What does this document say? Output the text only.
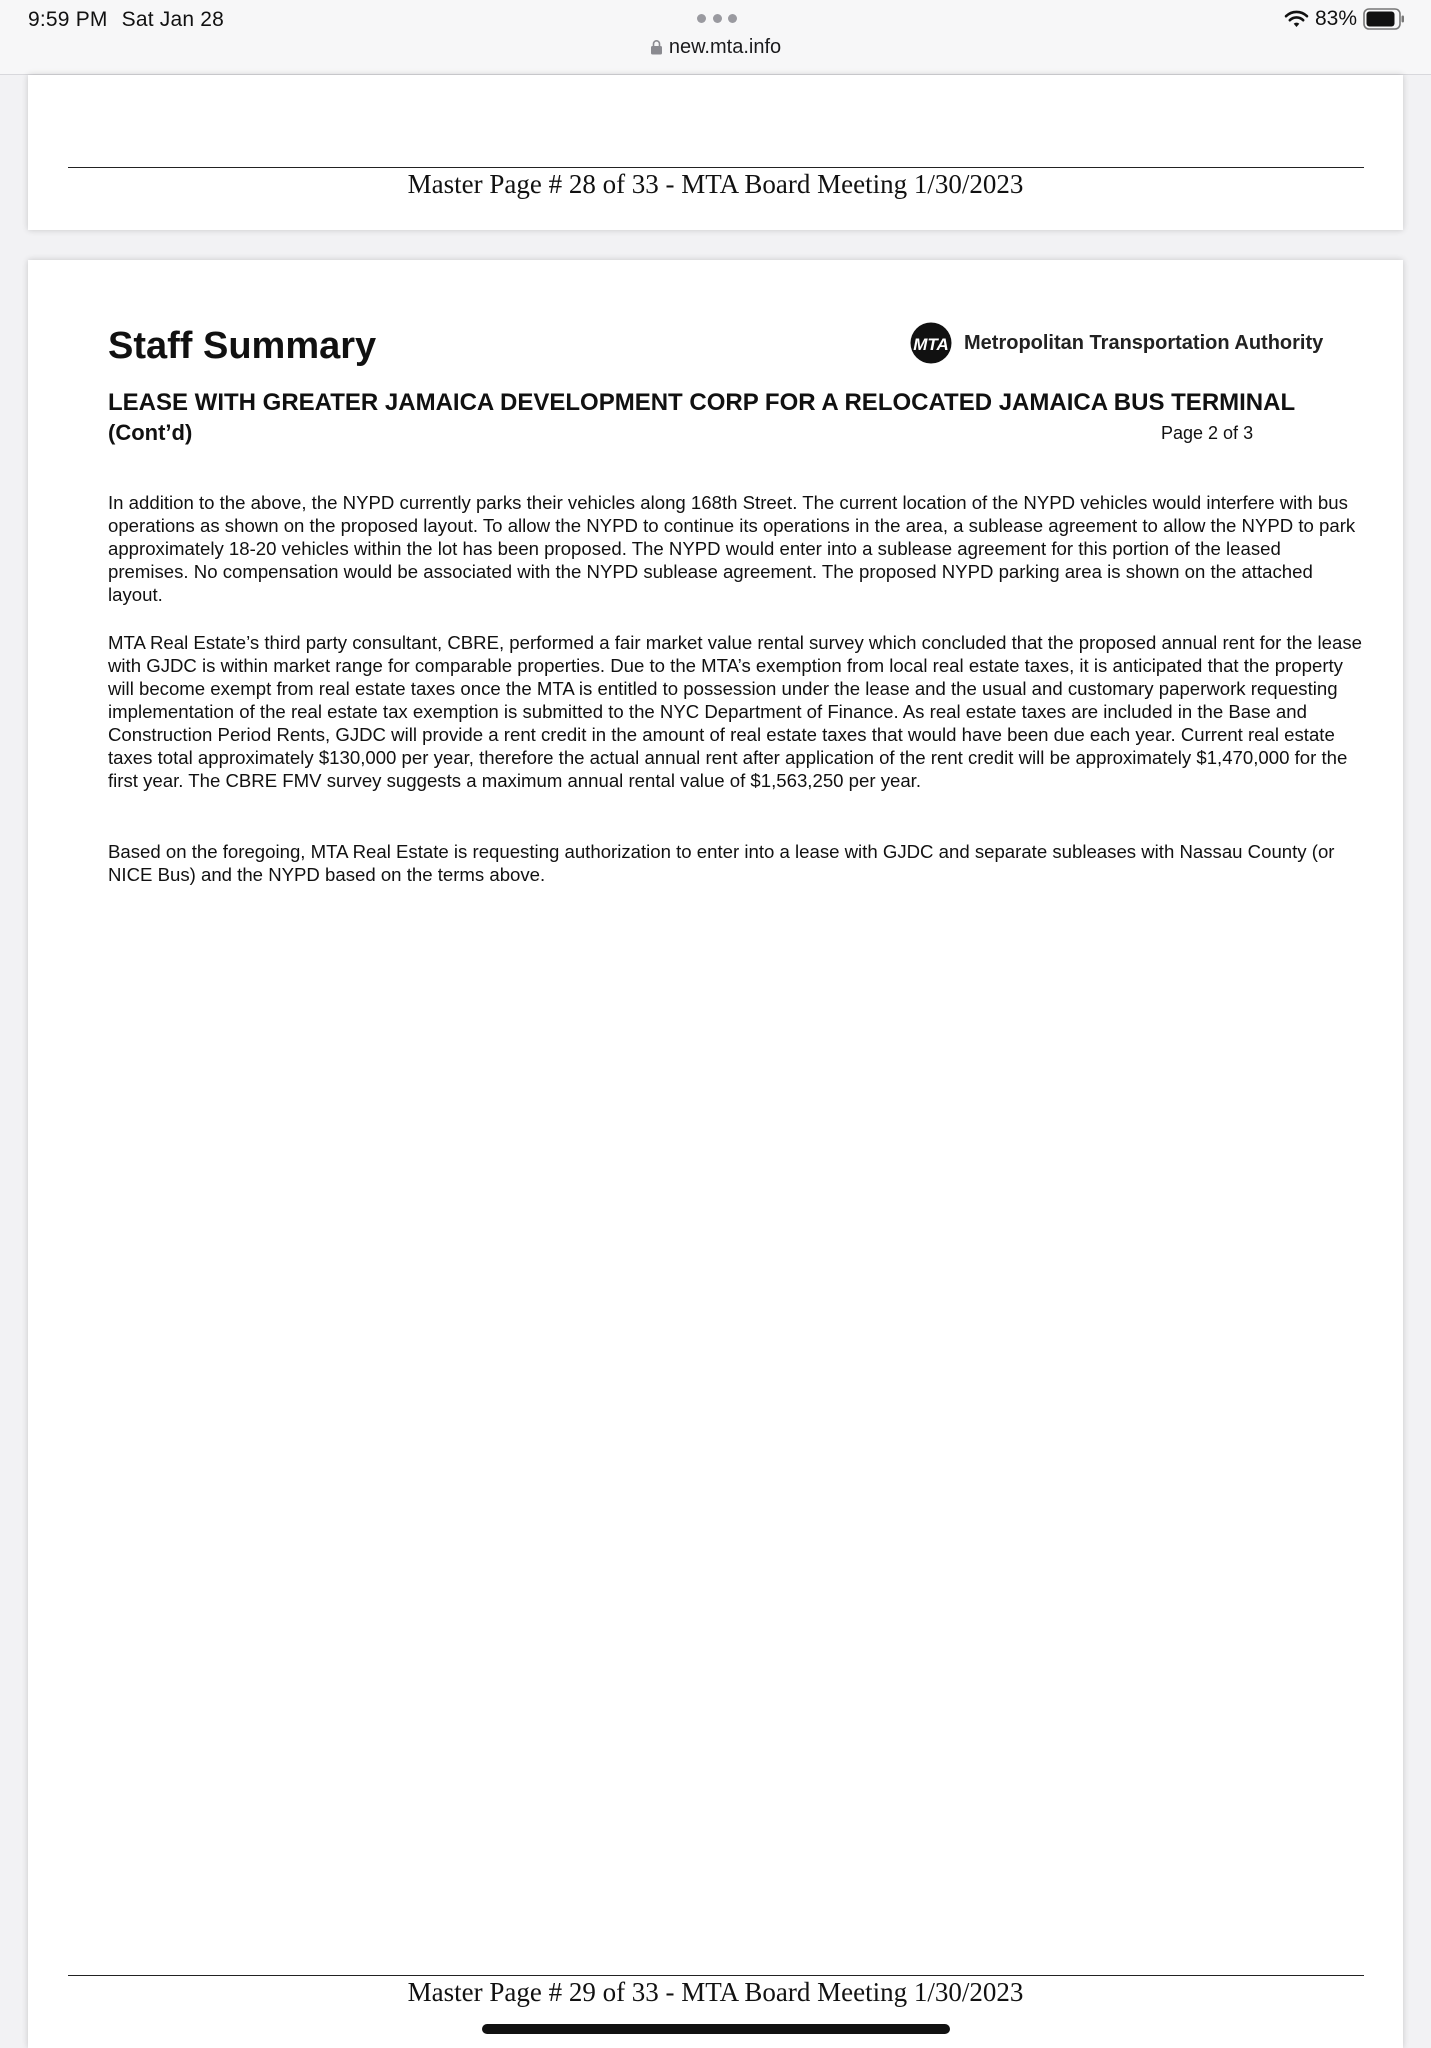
9:59 PM Sat Jan 28
new.mta.info
83%
Master Page # 28 of 33 - MTA Board Meeting 1/30/2023
Staff Summary	MTA Metropolitan Transportation Authority
LEASE WITH GREATER JAMAICA DEVELOPMENT CORP FOR A RELOCATED JAMAICA BUS TERMINAL (Cont’d)	Page 2 of 3

In addition to the above, the NYPD currently parks their vehicles along 168th Street. The current location of the NYPD vehicles would interfere with bus operations as shown on the proposed layout. To allow the NYPD to continue its operations in the area, a sublease agreement to allow the NYPD to park approximately 18-20 vehicles within the lot has been proposed. The NYPD would enter into a sublease agreement for this portion of the leased premises. No compensation would be associated with the NYPD sublease agreement. The proposed NYPD parking area is shown on the attached layout.

MTA Real Estate’s third party consultant, CBRE, performed a fair market value rental survey which concluded that the proposed annual rent for the lease with GJDC is within market range for comparable properties. Due to the MTA’s exemption from local real estate taxes, it is anticipated that the property will become exempt from real estate taxes once the MTA is entitled to possession under the lease and the usual and customary paperwork requesting implementation of the real estate tax exemption is submitted to the NYC Department of Finance. As real estate taxes are included in the Base and Construction Period Rents, GJDC will provide a rent credit in the amount of real estate taxes that would have been due each year. Current real estate taxes total approximately $130,000 per year, therefore the actual annual rent after application of the rent credit will be approximately $1,470,000 for the first year. The CBRE FMV survey suggests a maximum annual rental value of $1,563,250 per year.

Based on the foregoing, MTA Real Estate is requesting authorization to enter into a lease with GJDC and separate subleases with Nassau County (or NICE Bus) and the NYPD based on the terms above.

Master Page # 29 of 33 - MTA Board Meeting 1/30/2023
